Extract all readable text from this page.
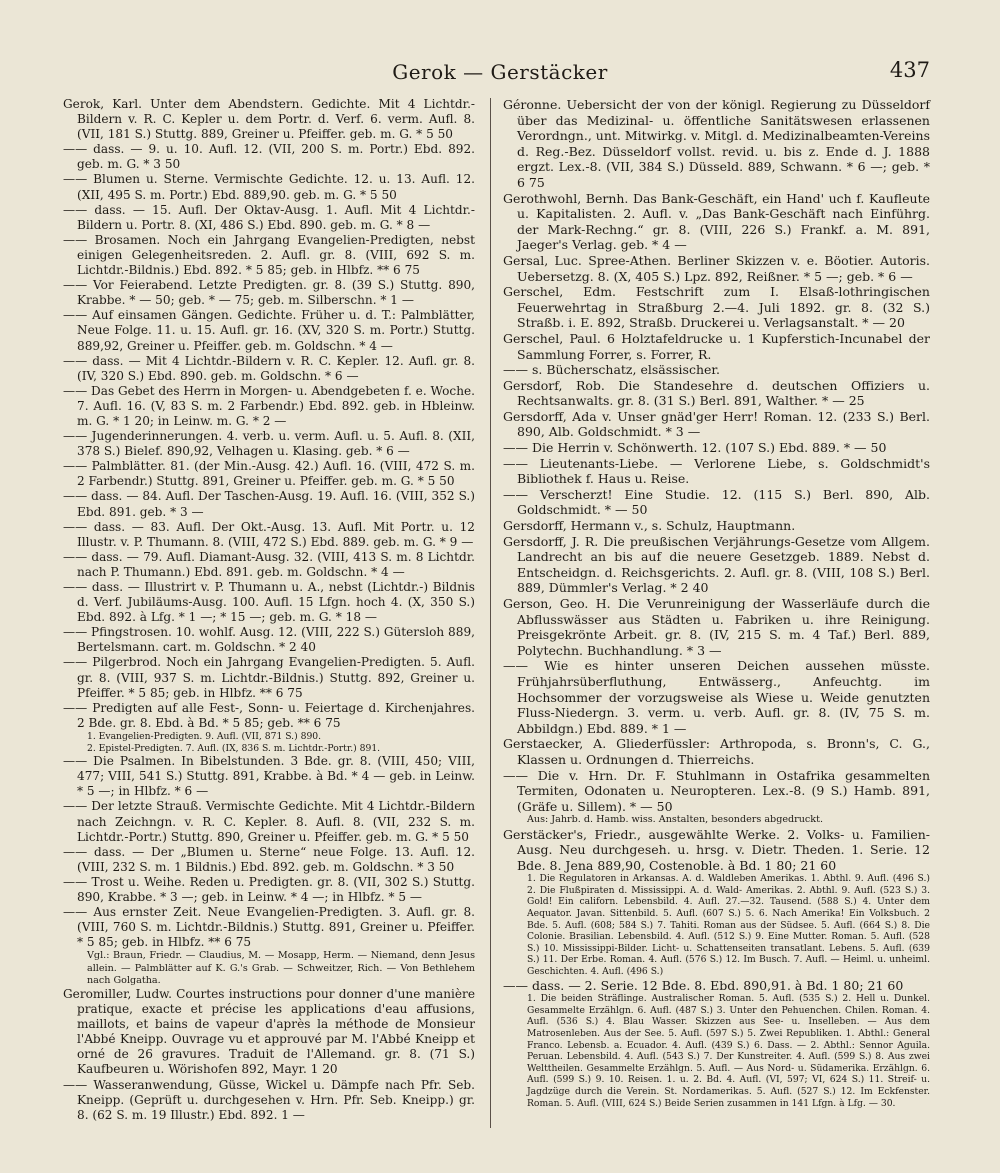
Gerok — Gerstäcker	437

Gerok, Karl. Unter dem Abendstern. Gedichte. Mit 4 Lichtdr.-Bildern v. R. C. Kepler u. dem Portr. d. Verf. 6. verm. Aufl. 8. (VII, 181 S.) Stuttg. 889, Greiner u. Pfeiffer. geb. m. G. * 5 50

—— dass. — 9. u. 10. Aufl. 12. (VII, 200 S. m. Portr.) Ebd. 892. geb. m. G. * 3 50

—— Blumen u. Sterne. Vermischte Gedichte. 12. u. 13. Aufl. 12. (XII, 495 S. m. Portr.) Ebd. 889,90. geb. m. G. * 5 50

—— dass. — 15. Aufl. Der Oktav-Ausg. 1. Aufl. Mit 4 Lichtdr.-Bildern u. Portr. 8. (XI, 486 S.) Ebd. 890. geb. m. G. * 8 —

—— Brosamen. Noch ein Jahrgang Evangelien-Predigten, nebst einigen Gelegenheitsreden. 2. Aufl. gr. 8. (VIII, 692 S. m. Lichtdr.-Bildnis.) Ebd. 892. * 5 85; geb. in Hlbfz. ** 6 75

—— Vor Feierabend. Letzte Predigten. gr. 8. (39 S.) Stuttg. 890, Krabbe. * — 50; geb. * — 75; geb. m. Silberschn. * 1 —

—— Auf einsamen Gängen. Gedichte. Früher u. d. T.: Palmblätter, Neue Folge. 11. u. 15. Aufl. gr. 16. (XV, 320 S. m. Portr.) Stuttg. 889,92, Greiner u. Pfeiffer. geb. m. Goldschn. * 4 —

—— dass. — Mit 4 Lichtdr.-Bildern v. R. C. Kepler. 12. Aufl. gr. 8. (IV, 320 S.) Ebd. 890. geb. m. Goldschn. * 6 —

—— Das Gebet des Herrn in Morgen- u. Abendgebeten f. e. Woche. 7. Aufl. 16. (V, 83 S. m. 2 Farbendr.) Ebd. 892. geb. in Hbleinw. m. G. * 1 20; in Leinw. m. G. * 2 —

—— Jugenderinnerungen. 4. verb. u. verm. Aufl. u. 5. Aufl. 8. (XII, 378 S.) Bielef. 890,92, Velhagen u. Klasing. geb. * 6 —

—— Palmblätter. 81. (der Min.-Ausg. 42.) Aufl. 16. (VIII, 472 S. m. 2 Farbendr.) Stuttg. 891, Greiner u. Pfeiffer. geb. m. G. * 5 50

—— dass. — 84. Aufl. Der Taschen-Ausg. 19. Aufl. 16. (VIII, 352 S.) Ebd. 891. geb. * 3 —

—— dass. — 83. Aufl. Der Okt.-Ausg. 13. Aufl. Mit Portr. u. 12 Illustr. v. P. Thumann. 8. (VIII, 472 S.) Ebd. 889. geb. m. G. * 9 —

—— dass. — 79. Aufl. Diamant-Ausg. 32. (VIII, 413 S. m. 8 Lichtdr. nach P. Thumann.) Ebd. 891. geb. m. Goldschn. * 4 —

—— dass. — Illustrirt v. P. Thumann u. A., nebst (Lichtdr.-) Bildnis d. Verf. Jubiläums-Ausg. 100. Aufl. 15 Lfgn. hoch 4. (X, 350 S.) Ebd. 892. à Lfg. * 1 —; * 15 —; geb. m. G. * 18 —

—— Pfingstrosen. 10. wohlf. Ausg. 12. (VIII, 222 S.) Gütersloh 889, Bertelsmann. cart. m. Goldschn. * 2 40

—— Pilgerbrod. Noch ein Jahrgang Evangelien-Predigten. 5. Aufl. gr. 8. (VIII, 937 S. m. Lichtdr.-Bildnis.) Stuttg. 892, Greiner u. Pfeiffer. * 5 85; geb. in Hlbfz. ** 6 75

—— Predigten auf alle Fest-, Sonn- u. Feiertage d. Kirchenjahres. 2 Bde. gr. 8. Ebd. à Bd. * 5 85; geb. ** 6 75

1. Evangelien-Predigten. 9. Aufl. (VII, 871 S.) 890.

2. Epistel-Predigten. 7. Aufl. (IX, 836 S. m. Lichtdr.-Portr.) 891.

—— Die Psalmen. In Bibelstunden. 3 Bde. gr. 8. (VIII, 450; VIII, 477; VIII, 541 S.) Stuttg. 891, Krabbe. à Bd. * 4 — geb. in Leinw. * 5 —; in Hlbfz. * 6 —

—— Der letzte Strauß. Vermischte Gedichte. Mit 4 Lichtdr.-Bildern nach Zeichngn. v. R. C. Kepler. 8. Aufl. 8. (VII, 232 S. m. Lichtdr.-Portr.) Stuttg. 890, Greiner u. Pfeiffer. geb. m. G. * 5 50

—— dass. — Der „Blumen u. Sterne“ neue Folge. 13. Aufl. 12. (VIII, 232 S. m. 1 Bildnis.) Ebd. 892. geb. m. Goldschn. * 3 50

—— Trost u. Weihe. Reden u. Predigten. gr. 8. (VII, 302 S.) Stuttg. 890, Krabbe. * 3 —; geb. in Leinw. * 4 —; in Hlbfz. * 5 —

—— Aus ernster Zeit. Neue Evangelien-Predigten. 3. Aufl. gr. 8. (VIII, 760 S. m. Lichtdr.-Bildnis.) Stuttg. 891, Greiner u. Pfeiffer. * 5 85; geb. in Hlbfz. ** 6 75

Vgl.: Braun, Friedr. — Claudius, M. — Mosapp, Herm. — Niemand, denn Jesus allein. — Palmblätter auf K. G.'s Grab. — Schweitzer, Rich. — Von Bethlehem nach Golgatha.

Geromiller, Ludw. Courtes instructions pour donner d'une manière pratique, exacte et précise les applications d'eau affusions, maillots, et bains de vapeur d'après la méthode de Monsieur l'Abbé Kneipp. Ouvrage vu et approuvé par M. l'Abbé Kneipp et orné de 26 gravures. Traduit de l'Allemand. gr. 8. (71 S.) Kaufbeuren u. Wörishofen 892, Mayr. 1 20

—— Wasseranwendung, Güsse, Wickel u. Dämpfe nach Pfr. Seb. Kneipp. (Geprüft u. durchgesehen v. Hrn. Pfr. Seb. Kneipp.) gr. 8. (62 S. m. 19 Illustr.) Ebd. 892. 1 —

Géronne. Uebersicht der von der königl. Regierung zu Düsseldorf über das Medizinal- u. öffentliche Sanitätswesen erlassenen Verordngn., unt. Mitwirkg. v. Mitgl. d. Medizinalbeamten-Vereins d. Reg.-Bez. Düsseldorf vollst. revid. u. bis z. Ende d. J. 1888 ergzt. Lex.-8. (VII, 384 S.) Düsseld. 889, Schwann. * 6 —; geb. * 6 75

Gerothwohl, Bernh. Das Bank-Geschäft, ein Hand' uch f. Kaufleute u. Kapitalisten. 2. Aufl. v. „Das Bank-Geschäft nach Einführg. der Mark-Rechng.“ gr. 8. (VIII, 226 S.) Frankf. a. M. 891, Jaeger's Verlag. geb. * 4 —

Gersal, Luc. Spree-Athen. Berliner Skizzen v. e. Böotier. Autoris. Uebersetzg. 8. (X, 405 S.) Lpz. 892, Reißner. * 5 —; geb. * 6 —

Gerschel, Edm. Festschrift zum I. Elsaß-lothringischen Feuerwehrtag in Straßburg 2.—4. Juli 1892. gr. 8. (32 S.) Straßb. i. E. 892, Straßb. Druckerei u. Verlagsanstalt. * — 20

Gerschel, Paul. 6 Holztafeldrucke u. 1 Kupferstich-Incunabel der Sammlung Forrer, s. Forrer, R.

—— s. Bücherschatz, elsässischer.

Gersdorf, Rob. Die Standesehre d. deutschen Offiziers u. Rechtsanwalts. gr. 8. (31 S.) Berl. 891, Walther. * — 25

Gersdorff, Ada v. Unser gnäd'ger Herr! Roman. 12. (233 S.) Berl. 890, Alb. Goldschmidt. * 3 —

—— Die Herrin v. Schönwerth. 12. (107 S.) Ebd. 889. * — 50

—— Lieutenants-Liebe. — Verlorene Liebe, s. Goldschmidt's Bibliothek f. Haus u. Reise.

—— Verscherzt! Eine Studie. 12. (115 S.) Berl. 890, Alb. Goldschmidt. * — 50

Gersdorff, Hermann v., s. Schulz, Hauptmann.

Gersdorff, J. R. Die preußischen Verjährungs-Gesetze vom Allgem. Landrecht an bis auf die neuere Gesetzgeb. 1889. Nebst d. Entscheidgn. d. Reichsgerichts. 2. Aufl. gr. 8. (VIII, 108 S.) Berl. 889, Dümmler's Verlag. * 2 40

Gerson, Geo. H. Die Verunreinigung der Wasserläufe durch die Abflusswässer aus Städten u. Fabriken u. ihre Reinigung. Preisgekrönte Arbeit. gr. 8. (IV, 215 S. m. 4 Taf.) Berl. 889, Polytechn. Buchhandlung. * 3 —

—— Wie es hinter unseren Deichen aussehen müsste. Frühjahrsüberfluthung, Entwässerg., Anfeuchtg. im Hochsommer der vorzugsweise als Wiese u. Weide genutzten Fluss-Niedergn. 3. verm. u. verb. Aufl. gr. 8. (IV, 75 S. m. Abbildgn.) Ebd. 889. * 1 —

Gerstaecker, A. Gliederfüssler: Arthropoda, s. Bronn's, C. G., Klassen u. Ordnungen d. Thierreichs.

—— Die v. Hrn. Dr. F. Stuhlmann in Ostafrika gesammelten Termiten, Odonaten u. Neuropteren. Lex.-8. (9 S.) Hamb. 891, (Gräfe u. Sillem). * — 50

Aus: Jahrb. d. Hamb. wiss. Anstalten, besonders abgedruckt.

Gerstäcker's, Friedr., ausgewählte Werke. 2. Volks- u. Familien-Ausg. Neu durchgeseh. u. hrsg. v. Dietr. Theden. 1. Serie. 12 Bde. 8. Jena 889,90, Costenoble. à Bd. 1 80; 21 60

1. Die Regulatoren in Arkansas. A. d. Waldleben Amerikas. 1. Abthl. 9. Aufl. (496 S.) 2. Die Flußpiraten d. Mississippi. A. d. Wald- Amerikas. 2. Abthl. 9. Aufl. (523 S.) 3. Gold! Ein californ. Lebensbild. 4. Aufl. 27.—32. Tausend. (588 S.) 4. Unter dem Aequator. Javan. Sittenbild. 5. Aufl. (607 S.) 5. 6. Nach Amerika! Ein Volksbuch. 2 Bde. 5. Aufl. (608; 584 S.) 7. Tahiti. Roman aus der Südsee. 5. Aufl. (664 S.) 8. Die Colonie. Brasilian. Lebensbild. 4. Aufl. (512 S.) 9. Eine Mutter. Roman. 5. Aufl. (528 S.) 10. Mississippi-Bilder. Licht- u. Schattenseiten transatlant. Lebens. 5. Aufl. (639 S.) 11. Der Erbe. Roman. 4. Aufl. (576 S.) 12. Im Busch. 7. Aufl. — Heiml. u. unheiml. Geschichten. 4. Aufl. (496 S.)

—— dass. — 2. Serie. 12 Bde. 8. Ebd. 890,91. à Bd. 1 80; 21 60

1. Die beiden Sträflinge. Australischer Roman. 5. Aufl. (535 S.) 2. Hell u. Dunkel. Gesammelte Erzählgn. 6. Aufl. (487 S.) 3. Unter den Pehuenchen. Chilen. Roman. 4. Aufl. (536 S.) 4. Blau Wasser. Skizzen aus See- u. Inselleben. — Aus dem Matrosenleben. Aus der See. 5. Aufl. (597 S.) 5. Zwei Republiken. 1. Abthl.: General Franco. Lebensb. a. Ecuador. 4. Aufl. (439 S.) 6. Dass. — 2. Abthl.: Sennor Aguila. Peruan. Lebensbild. 4. Aufl. (543 S.) 7. Der Kunstreiter. 4. Aufl. (599 S.) 8. Aus zwei Welttheilen. Gesammelte Erzählgn. 5. Aufl. — Aus Nord- u. Südamerika. Erzählgn. 6. Aufl. (599 S.) 9. 10. Reisen. 1. u. 2. Bd. 4. Aufl. (VI, 597; VI, 624 S.) 11. Streif- u. Jagdzüge durch die Verein. St. Nordamerikas. 5. Aufl. (527 S.) 12. Im Eckfenster. Roman. 5. Aufl. (VIII, 624 S.) Beide Serien zusammen in 141 Lfgn. à Lfg. — 30.
